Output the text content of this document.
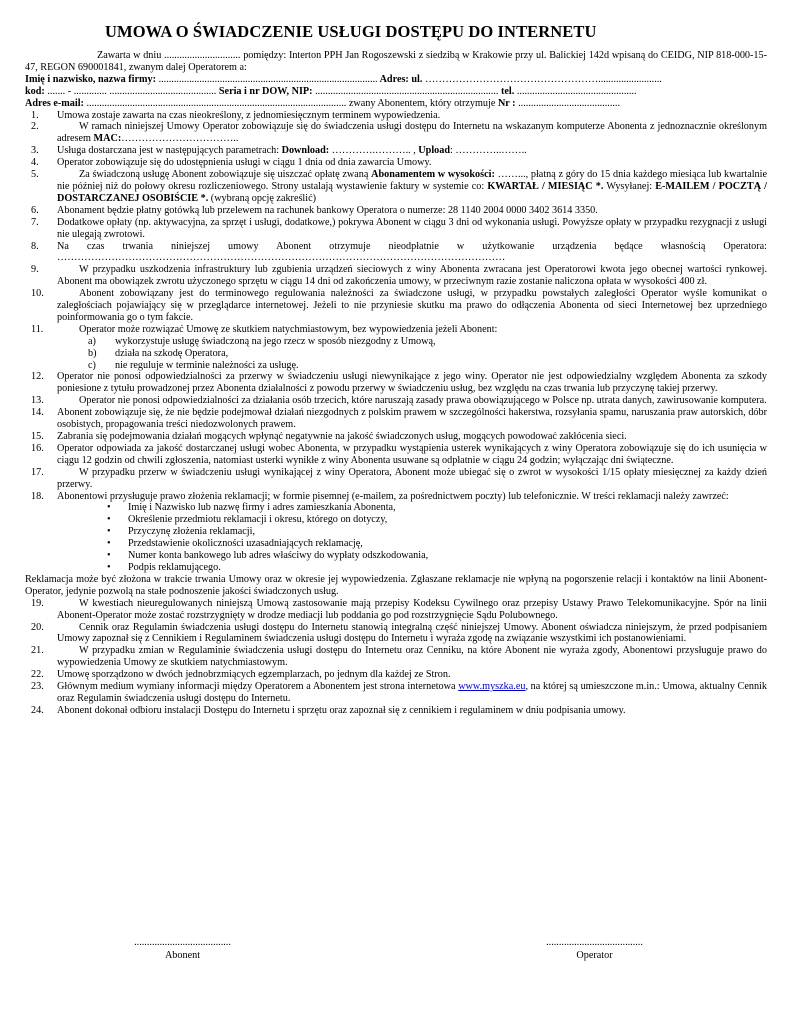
UMOWA O ŚWIADCZENIE USŁUGI DOSTĘPU DO INTERNETU

Zawarta w dniu .............................. pomiędzy: Interton PPH Jan Rogoszewski z siedzibą w Krakowie przy ul. Balickiej 142d wpisaną do CEIDG, NIP 818-000-15-47, REGON 690001841, zwanym dalej Operatorem a:

Imię i nazwisko, nazwa firmy: ...................................................................................... Adres: ul. …………………………………………….........................

kod: ....... - ............. .......................................... Seria i nr DOW, NIP: ........................................................................ tel. ...............................................

Adres e-mail: ...................................................................................................... zwany Abonentem, który otrzymuje Nr : ........................................

1. Umowa zostaje zawarta na czas nieokreślony, z jednomiesięcznym terminem wypowiedzenia.

2.	W ramach niniejszej Umowy Operator zobowiązuje się do świadczenia usługi dostępu do Internetu na wskazanym komputerze Abonenta z jednoznacznie określonym adresem MAC:……………………………..

3. Usługa dostarczana jest w następujących parametrach: Download: ………….……….. , Upload: …………..……..

4. Operator zobowiązuje się do udostępnienia usługi w ciągu 1 dnia od dnia zawarcia Umowy.

5.	Za świadczoną usługę Abonent zobowiązuje się uiszczać opłatę zwaną Abonamentem w wysokości: ……..., płatną z góry do 15 dnia każdego miesiąca lub kwartalnie nie później niż do połowy okresu rozliczeniowego. Strony ustalają wystawienie faktury w systemie co: KWARTAŁ / MIESIĄC *. Wysyłanej: E-MAILEM / POCZTĄ / DOSTARCZANEJ OSOBIŚCIE *. (wybraną opcję zakreślić)

6. Abonament będzie płatny gotówką lub przelewem na rachunek bankowy Operatora o numerze: 28 1140 2004 0000 3402 3614 3350.

7. Dodatkowe opłaty (np. aktywacyjna, za sprzęt i usługi, dodatkowe,) pokrywa Abonent w ciągu 3 dni od wykonania usługi. Powyższe opłaty w przypadku rezygnacji z usługi nie ulegają zwrotowi.

8. Na czas trwania niniejszej umowy Abonent otrzymuje nieodpłatnie w użytkowanie urządzenia będące własnością Operatora: ……………………………………………………………………………………………………………………

9.	W przypadku uszkodzenia infrastruktury lub zgubienia urządzeń sieciowych z winy Abonenta zwracana jest Operatorowi kwota jego obecnej wartości rynkowej. Abonent ma obowiązek zwrotu użyczonego sprzętu w ciągu 14 dni od zakończenia umowy, w przeciwnym razie zostanie naliczona opłata w wysokości 400 zł.

10.	Abonent zobowiązany jest do terminowego regulowania należności za świadczone usługi, w przypadku powstałych zaległości Operator wyśle komunikat o zaległościach pojawiający się w przeglądarce internetowej. Jeżeli to nie przyniesie skutku ma prawo do odłączenia Abonenta od sieci Internetowej bez uprzedniego poinformowania go o tym fakcie.

11.	Operator może rozwiązać Umowę ze skutkiem natychmiastowym, bez wypowiedzenia jeżeli Abonent:

a) wykorzystuje usługę świadczoną na jego rzecz w sposób niezgodny z Umową,

b) działa na szkodę Operatora,

c) nie reguluje w terminie należności za usługę.

12. Operator nie ponosi odpowiedzialności za przerwy w świadczeniu usługi niewynikające z jego winy. Operator nie jest odpowiedzialny względem Abonenta za szkody poniesione z tytułu prowadzonej przez Abonenta działalności z powodu przerwy w świadczeniu usług, bez względu na czas trwania lub przyczynę takiej przerwy.

13.	Operator nie ponosi odpowiedzialności za działania osób trzecich, które naruszają zasady prawa obowiązującego w Polsce np. utrata danych, zawirusowanie komputera.

14. Abonent zobowiązuje się, że nie będzie podejmował działań niezgodnych z polskim prawem w szczególności hakerstwa, rozsyłania spamu, naruszania praw autorskich, dóbr osobistych, propagowania treści niedozwolonych prawem.

15. Zabrania się podejmowania działań mogących wpłynąć negatywnie na jakość świadczonych usług, mogących powodować zakłócenia sieci.

16. Operator odpowiada za jakość dostarczanej usługi wobec Abonenta, w przypadku wystąpienia usterek wynikających z winy Operatora zobowiązuje się do ich usunięcia w ciągu 12 godzin od chwili zgłoszenia, natomiast usterki wynikłe z winy Abonenta usuwane są odpłatnie w ciągu 24 godzin; wyłączając dni świąteczne.

17.	W przypadku przerw w świadczeniu usługi wynikającej z winy Operatora, Abonent może ubiegać się o zwrot w wysokości 1/15 opłaty miesięcznej za każdy dzień przerwy.

18. Abonentowi przysługuje prawo złożenia reklamacji; w formie pisemnej (e-mailem, za pośrednictwem poczty) lub telefonicznie. W treści reklamacji należy zawrzeć:

• Imię i Nazwisko lub nazwę firmy i adres zamieszkania Abonenta,

• Określenie przedmiotu reklamacji i okresu, którego on dotyczy,

• Przyczynę złożenia reklamacji,

• Przedstawienie okoliczności uzasadniających reklamację,

• Numer konta bankowego lub adres właściwy do wypłaty odszkodowania,

• Podpis reklamującego.

Reklamacja może być złożona w trakcie trwania Umowy oraz w okresie jej wypowiedzenia. Zgłaszane reklamacje nie wpłyną na pogorszenie relacji i kontaktów na linii Abonent-Operator, jedynie pozwolą na stałe podnoszenie jakości świadczonych usług.

19.	W kwestiach nieuregulowanych niniejszą Umową zastosowanie mają przepisy Kodeksu Cywilnego oraz przepisy Ustawy Prawo Telekomunikacyjne. Spór na linii Abonent-Operator może zostać rozstrzygnięty w drodze mediacji lub poddania go pod rozstrzygnięcie Sądu Polubownego.

20.	Cennik oraz Regulamin świadczenia usługi dostępu do Internetu stanowią integralną część niniejszej Umowy. Abonent oświadcza niniejszym, że przed podpisaniem Umowy zapoznał się z Cennikiem i Regulaminem świadczenia usługi dostępu do Internetu i wyraża zgodę na związanie wszystkimi ich postanowieniami.

21.	W przypadku zmian w Regulaminie świadczenia usługi dostępu do Internetu oraz Cenniku, na które Abonent nie wyraża zgody, Abonentowi przysługuje prawo do wypowiedzenia Umowy ze skutkiem natychmiastowym.

22. Umowę sporządzono w dwóch jednobrzmiących egzemplarzach, po jednym dla każdej ze Stron.

23. Głównym medium wymiany informacji między Operatorem a Abonentem jest strona internetowa www.myszka.eu, na której są umieszczone m.in.: Umowa, aktualny Cennik oraz Regulamin świadczenia usługi dostępu do Internetu.

24. Abonent dokonał odbioru instalacji Dostępu do Internetu i sprzętu oraz zapoznał się z cennikiem i regulaminem w dniu podpisania umowy.

......................................
Abonent
......................................
Operator
